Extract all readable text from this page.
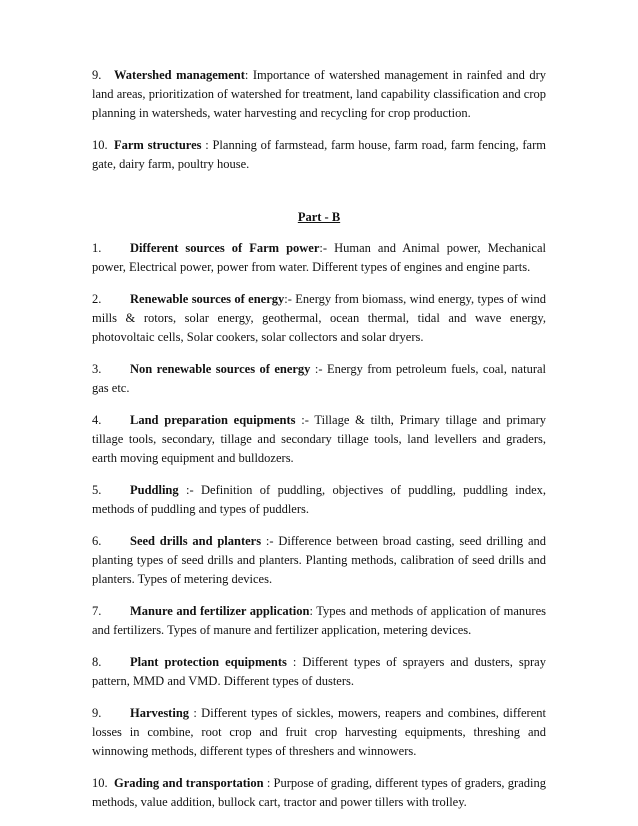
9. Watershed management: Importance of watershed management in rainfed and dry land areas, prioritization of watershed for treatment, land capability classification and crop planning in watersheds, water harvesting and recycling for crop production.

10. Farm structures : Planning of farmstead, farm house, farm road, farm fencing, farm gate, dairy farm, poultry house.

Part - B

1. Different sources of Farm power:- Human and Animal power, Mechanical power, Electrical power, power from water. Different types of engines and engine parts.

2. Renewable sources of energy:- Energy from biomass, wind energy, types of wind mills & rotors, solar energy, geothermal, ocean thermal, tidal and wave energy, photovoltaic cells, Solar cookers, solar collectors and solar dryers.

3. Non renewable sources of energy :- Energy from petroleum fuels, coal, natural gas etc.

4. Land preparation equipments :- Tillage & tilth, Primary tillage and primary tillage tools, secondary, tillage and secondary tillage tools, land levellers and graders, earth moving equipment and bulldozers.

5. Puddling :- Definition of puddling, objectives of puddling, puddling index, methods of puddling and types of puddlers.

6. Seed drills and planters :- Difference between broad casting, seed drilling and planting types of seed drills and planters. Planting methods, calibration of seed drills and planters. Types of metering devices.

7. Manure and fertilizer application: Types and methods of application of manures and fertilizers. Types of manure and fertilizer application, metering devices.

8. Plant protection equipments : Different types of sprayers and dusters, spray pattern, MMD and VMD. Different types of dusters.

9. Harvesting : Different types of sickles, mowers, reapers and combines, different losses in combine, root crop and fruit crop harvesting equipments, threshing and winnowing methods, different types of threshers and winnowers.

10. Grading and transportation : Purpose of grading, different types of graders, grading methods, value addition, bullock cart, tractor and power tillers with trolley.
